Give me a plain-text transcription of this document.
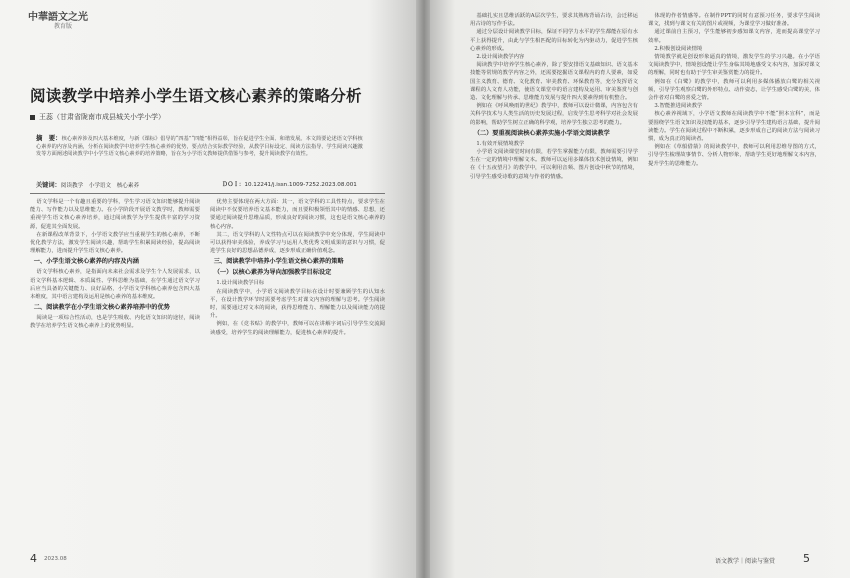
中華語文之光
教育版
阅读教学中培养小学生语文核心素养的策略分析
王蕊（甘肃省陇南市成县城关小学小学）
摘　要：核心素养涉及四大基本维度，与新《课标》倡导的“四基”“四能”相得益彰，旨在促进学生全面、和谐发展。本文简要论述语文学科核心素养的内容及内涵，分析在阅读教学中培养学生核心素养的优势，要点结合实际教学经验，从教学目标设定、阅读方法指导、学生阅读兴趣激发等方面阐述阅读教学中小学生语文核心素养的培养策略，旨在为小学语文教师提供借鉴与参考，提升阅读教学有效性。
关键词：阅读教学　小学语文　核心素养	ＤＯＩ：10.12241/j.issn.1009-7252.2023.08.001

语文学科是一个有趣且重要的学科，学生学习语文知识能够提升阅读能力、写作能力以及思维能力。在小学阶段开展语文教学时，教师需要重视学生语文核心素养培养，通过阅读教学为学生提供丰富的学习资源，促进其全面发展。

在新课程改革背景下，小学语文教学应当重视学生的核心素养，不断优化教学方法，激发学生阅读兴趣，帮助学生积累阅读经验，提高阅读理解能力，进而提升学生语文核心素养。

一、小学生语文核心素养的内容及内涵

语文学科核心素养，是指面向未来社会需求及学生个人发展需求，以语文学科基本逻辑、本质属性、学科思维为基础，在学生通过语文学习后应当具备的关键能力、良好品格，小学语文学科核心素养包含四大基本维度，其中语言建构及运用是核心素养的基本维度。

二、阅读教学在小学生语文核心素养培养中的优势

阅读是一项综合性活动，也是学生吸收、内化语文知识的途径，阅读教学在培养学生语文核心素养上的优势明显。

优势主要体现在两大方面：其一，语文学科的工具性特点，要求学生在阅读中不仅要培养语文基本能力，而且要积极领悟其中的情感、思想，还要通过阅读提升思维品质，形成良好的阅读习惯，这也是语文核心素养的核心内容。

其二，语文学科的人文性特点可以在阅读教学中充分体现，学生阅读中可以获得审美体验，养成学习与运用人类优秀文明成果的意识与习惯，促进学生良好的思想品德养成，逐步形成正确价值观念。

三、阅读教学中培养小学生语文核心素养的策略
（一）以核心素养为导向加强教学目标设定

1.设计阅读教学目标

在阅读教学中，小学语文阅读教学目标在设计时要兼顾学生的认知水平，在设计教学环节时需要考虑学生对课文内容的理解与思考。学生阅读时，需要通过对文本的阅读，获得思维能力、理解能力以及阅读能力的提升。

例如，在《竞书贴》的教学中，教师可以在讲解字词后引导学生交流阅读感受，培养学生的阅读理解能力，促进核心素养的提升。

4 2023.08

基础扎实且思维活跃的A层次学生，要求其熟练背诵古诗，会迁移运用古诗的写作手法。

通过分层设计阅读教学目标，保证不同学力水平的学生都能在原有水平上获得提升，由此与学生相匹配的目标转化为内驱动力，促进学生核心素养的形成。

2.设计阅读教学内容

阅读教学中培养学生核心素养，除了要安排语文基础知识、语文基本技能等常规的教学内容之外，还需要挖掘语文课程内的育人要素，如爱国主义教育、德育、文化教育、审美教育、环保教育等，充分发挥语文课程的人文育人功能，使语文课堂中的语言建构及运用、审美鉴赏与创造、文化理解与传承、思维能力发展与提升四大要素得到有机整合。

例如在《呼风唤雨的世纪》教学中，教师可以设计微课，内容包含有关科学技术与人类生活的历史发展过程，启发学生思考科学对社会发展的影响，帮助学生树立正确的科学观，培养学生独立思考的能力。

（二）要重视阅读核心素养实施小学语文阅读教学

1.有效开展情境教学

小学语文阅读课堂时间有限，若学生掌握能力有限，教师需要引导学生在一定的情境中理解文本。教师可以运用多媒体技术创设情境，例如在《十五夜望月》的教学中，可以利用音频、图片创设中秋节的情境，引导学生感受诗歌的意境与作者的情感。

体现的作者情感等。在制作PPT的同时有意预习任务，要求学生阅读课文，找到与课文有关的图片或视频，为课堂学习做好准备。

通过课前自主预习，学生能够初步感知课文内容，进而提高课堂学习效率。

2.积极创设阅读情境

情境教学就是创设形象逼真的情境，激发学生的学习兴趣。在小学语文阅读教学中，情境创设能让学生身临其境地感受文本内容，加深对课文的理解，同时也有助于学生审美鉴赏能力的提升。

例如在《白鹭》的教学中，教师可以利用多媒体播放白鹭的相关视频，引导学生观察白鹭的外形特点、动作姿态，让学生感受白鹭的美，体会作者对白鹭的喜爱之情。

3.智能推进阅读教学

核心素养视域下，小学语文教师在阅读教学中不能“照本宣科”，而是要围绕学生语文知识及技能的基本，逐步引导学生建构语言基础，提升阅读能力。学生在阅读过程中不断积累，逐步形成自己的阅读方法与阅读习惯，成为真正的阅读者。

例如在《草船借箭》的阅读教学中，教师可以利用思维导图的方式，引导学生梳理故事情节、分析人物形象，帮助学生更好地理解文本内容，提升学生的思维能力。

语文教学｜阅读与鉴赏	5
